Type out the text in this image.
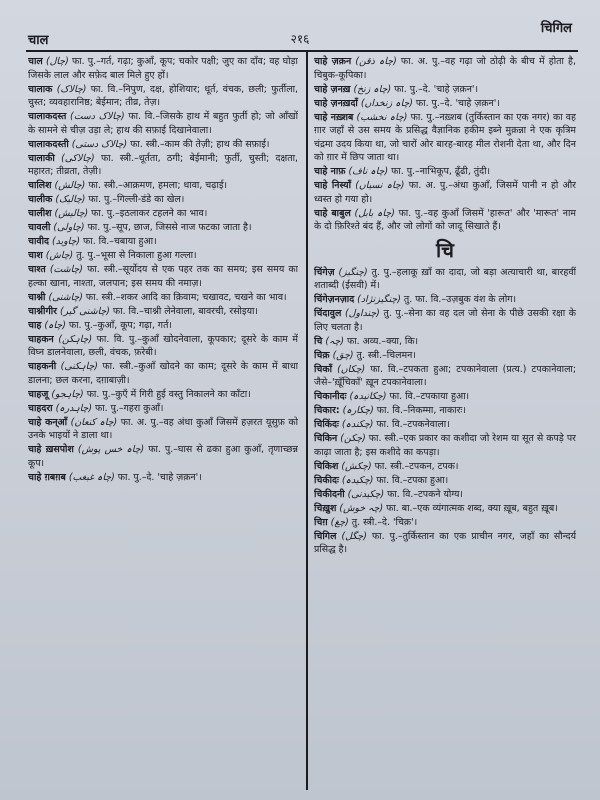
चाल	२१६
चिगिल
चाल (چال) फा. पु.–गर्त, गढ़ा; कुआँ, कूप; चकोर पक्षी; जुए का दाँव; वह घोड़ा जिसके लाल और सफ़ेद बाल मिले हुए हों।
चालाक (چالاک) फा. वि.–निपुण, दक्ष, होशियार; धूर्त, वंचक, छली; फुर्तीला, चुस्त; व्यवहारानिष्ठ; बेईमान; तीव्र, तेज़।
चालाकदस्त (چالاک دست) फा. वि.–जिसके हाथ में बहुत फुर्ती हो; जो आँखों के सामने से चीज़ उड़ा ले; हाथ की सफ़ाई दिखानेवाला।
चालाकदस्ती (چالاک دستی) फा. स्त्री.–काम की तेज़ी; हाथ की सफ़ाई।
चालाकी (چالاکی) फा. स्त्री.–धूर्तता, ठगी; बेईमानी; फुर्ती, चुस्ती; दक्षता, महारत; तीव्रता, तेज़ी।
चालिश (چالش) फा. स्त्री.–आक्रमण, हमला; धावा, चढ़ाई।
चालीक (چالیک) फा. पु.–गिल्ली-डंडे का खेल।
चालीश (چالیش) फा. पु.–इठलाकर टहलने का भाव।
चावली (چاولی) फा. पु.–सूप, छाज, जिससे नाज फटका जाता है।
चावीद (چاوید) फा. वि.–चबाया हुआ।
चाश (چاش) तु. पु.–भूसा से निकाला हुआ गल्ला।
चाश्त (چاشت) फा. स्त्री.–सूर्योदय से एक पहर तक का समय; इस समय का हल्का खाना, नाश्ता, जलपान; इस समय की नमाज़।
चाश्नी (چاشنی) फा. स्त्री.–शकर आदि का क़िवाम; चखावट, चखने का भाव।
चाश्नीगीर (چاشنی گیر) फा. वि.–चाश्नी लेनेवाला, बावरची, रसोइया।
चाह (چاہ) फा. पु.–कुआँ, कूप; गढ़ा, गर्त।
चाहकन (چاہکن) फा. वि. पु.–कुआँ खोदनेवाला, कूपकार; दूसरे के काम में विघ्न डालनेवाला, छली, वंचक, फ़रेबी।
चाहकनी (چاہکنی) फा. स्त्री.–कुआँ खोदने का काम; दूसरे के काम में बाधा डालना; छल करना, दग़ाबाज़ी।
चाहजू (چاہجو) फा. पु.–कुएँ में गिरी हुई वस्तु निकालने का काँटा।
चाहदरा (چاہدرہ) फा. पु.–गहरा कुआँ।
चाहे कन्आँ (چاہ کنعان) फा. अ. पु.–वह अंधा कुआँ जिसमें हज़रत यूसुफ़ को उनके भाइयों ने डाला था।
चाहे ख़सपोश (چاہ خس پوش) फा. पु.–घास से ढका हुआ कुआँ, तृणाच्छन्न कूप।
चाहे ग़बग़ब (چاہ غبغب) फा. पु.–दे. 'चाहे ज़क़न'।
चाहे ज़क़न (چاہ ذقن) फा. अ. पु.–वह गढ़ा जो ठोढ़ी के बीच में होता है, चिबुक-कूपिका।
चाहे ज़नख़ (چاہ زنخ) फा. पु.–दे. 'चाहे ज़क़न'।
चाहे ज़नख़दाँ (چاہ زنخداں) फा. पु.–दे. 'चाहे ज़क़न'।
चाहे नख़्शब (چاہ نخشب) फा. पु.–नख़्शब (तुर्किस्तान का एक नगर) का वह ग़ार जहाँ से उस समय के प्रसिद्ध वैज्ञानिक हकीम इब्ने मुक़न्ना ने एक कृत्रिम चंद्रमा उदय किया था, जो चारों ओर बारह-बारह मील रोशनी देता था, और दिन को ग़ार में छिप जाता था।
चाहे नाफ़ (چاہ ناف) फा. पु.–नाभिकूप, ढूँढी, तुंदी।
चाहे निस्याँ (چاہ نسیاں) फा. अ. पु.–अंधा कुआँ, जिसमें पानी न हो और ध्वस्त हो गया हो।
चाहे बाबुल (چاہ بابل) फा. पु.–वह कुआँ जिसमें 'हारूत' और 'मारूत' नाम के दो फ़िरिश्ते बंद हैं, और जो लोगों को जादू सिखाते हैं।
चि
चिंगेज़ (چنگیز) तु. पु.–हलाकू ख़ाँ का दादा, जो बड़ा अत्याचारी था, बारहवीं शताब्दी (ईसवी) में।
चिंगेज़नज़ाद (چنگیزنژاد) तु. फा. वि.–उज़बुक वंश के लोग।
चिंदावुल (چنداول) तु. पु.–सेना का वह दल जो सेना के पीछे उसकी रक्षा के लिए चलता है।
चि (چہ) फा. अव्य.–क्या, कि।
चिक़ (چق) तु. स्त्री.–चिलमन।
चिकाँ (چکاں) फा. वि.–टपकता हुआ; टपकानेवाला (प्रत्य.) टपकानेवाला; जैसे–'ख़ूँचिकाँ' ख़ून टपकानेवाला।
चिकानीदः (چکانیدہ) फा. वि.–टपकाया हुआ।
चिकार: (چکارہ) फा. वि.–निकम्मा, नाकारः।
चिकिंदः (چکندہ) फा. वि.–टपकनेवाला।
चिकिन (چکن) फा. स्त्री.–एक प्रकार का कशीदा जो रेशम या सूत से कपड़े पर काढ़ा जाता है; इस कशीदे का कपड़ा।
चिकिश (چکش) फा. स्त्री.–टपकन, टपक।
चिकीदः (چکیدہ) फा. वि.–टपका हुआ।
चिकीदनी (چکیدنی) फा. वि.–टपकने योग्य।
चिख़ुश (چہ خوش) फा. बा.–एक व्यंगात्मक शब्द, क्या ख़ूब, बहुत ख़ूब।
चिग़ (چغ) तु. स्त्री.–दे. 'चिक़'।
चिगिल (چگل) फा. पु.–तुर्किस्तान का एक प्राचीन नगर, जहाँ का सौन्दर्य प्रसिद्ध है।
